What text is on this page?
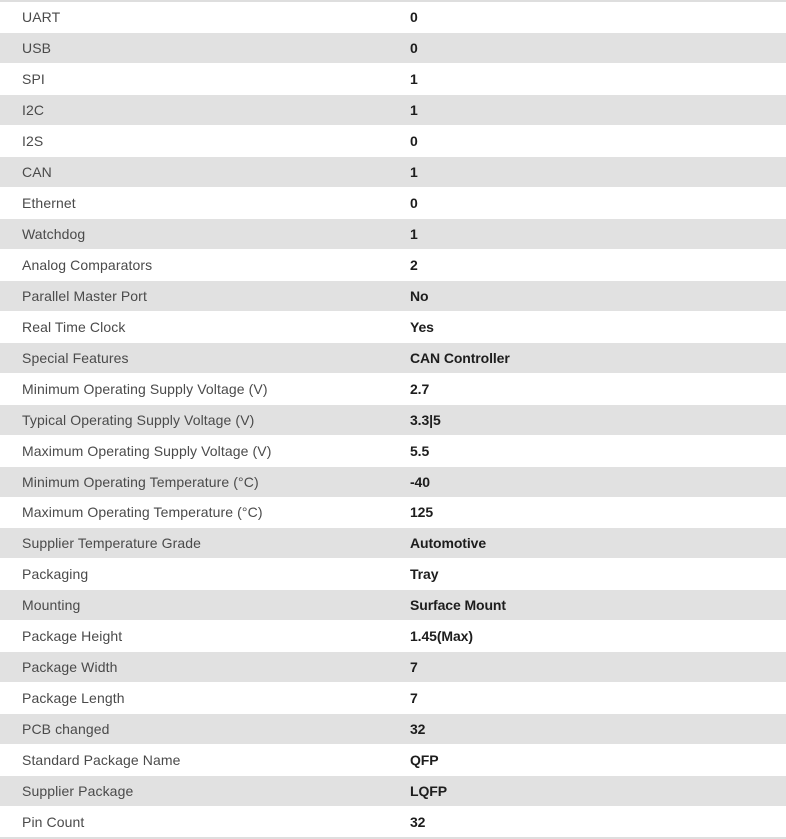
UART	0
USB	0
SPI	1
I2C	1
I2S	0
CAN	1
Ethernet	0
Watchdog	1
Analog Comparators	2
Parallel Master Port	No
Real Time Clock	Yes
Special Features	CAN Controller
Minimum Operating Supply Voltage (V)	2.7
Typical Operating Supply Voltage (V)	3.3|5
Maximum Operating Supply Voltage (V)	5.5
Minimum Operating Temperature (°C)	-40
Maximum Operating Temperature (°C)	125
Supplier Temperature Grade	Automotive
Packaging	Tray
Mounting	Surface Mount
Package Height	1.45(Max)
Package Width	7
Package Length	7
PCB changed	32
Standard Package Name	QFP
Supplier Package	LQFP
Pin Count	32
